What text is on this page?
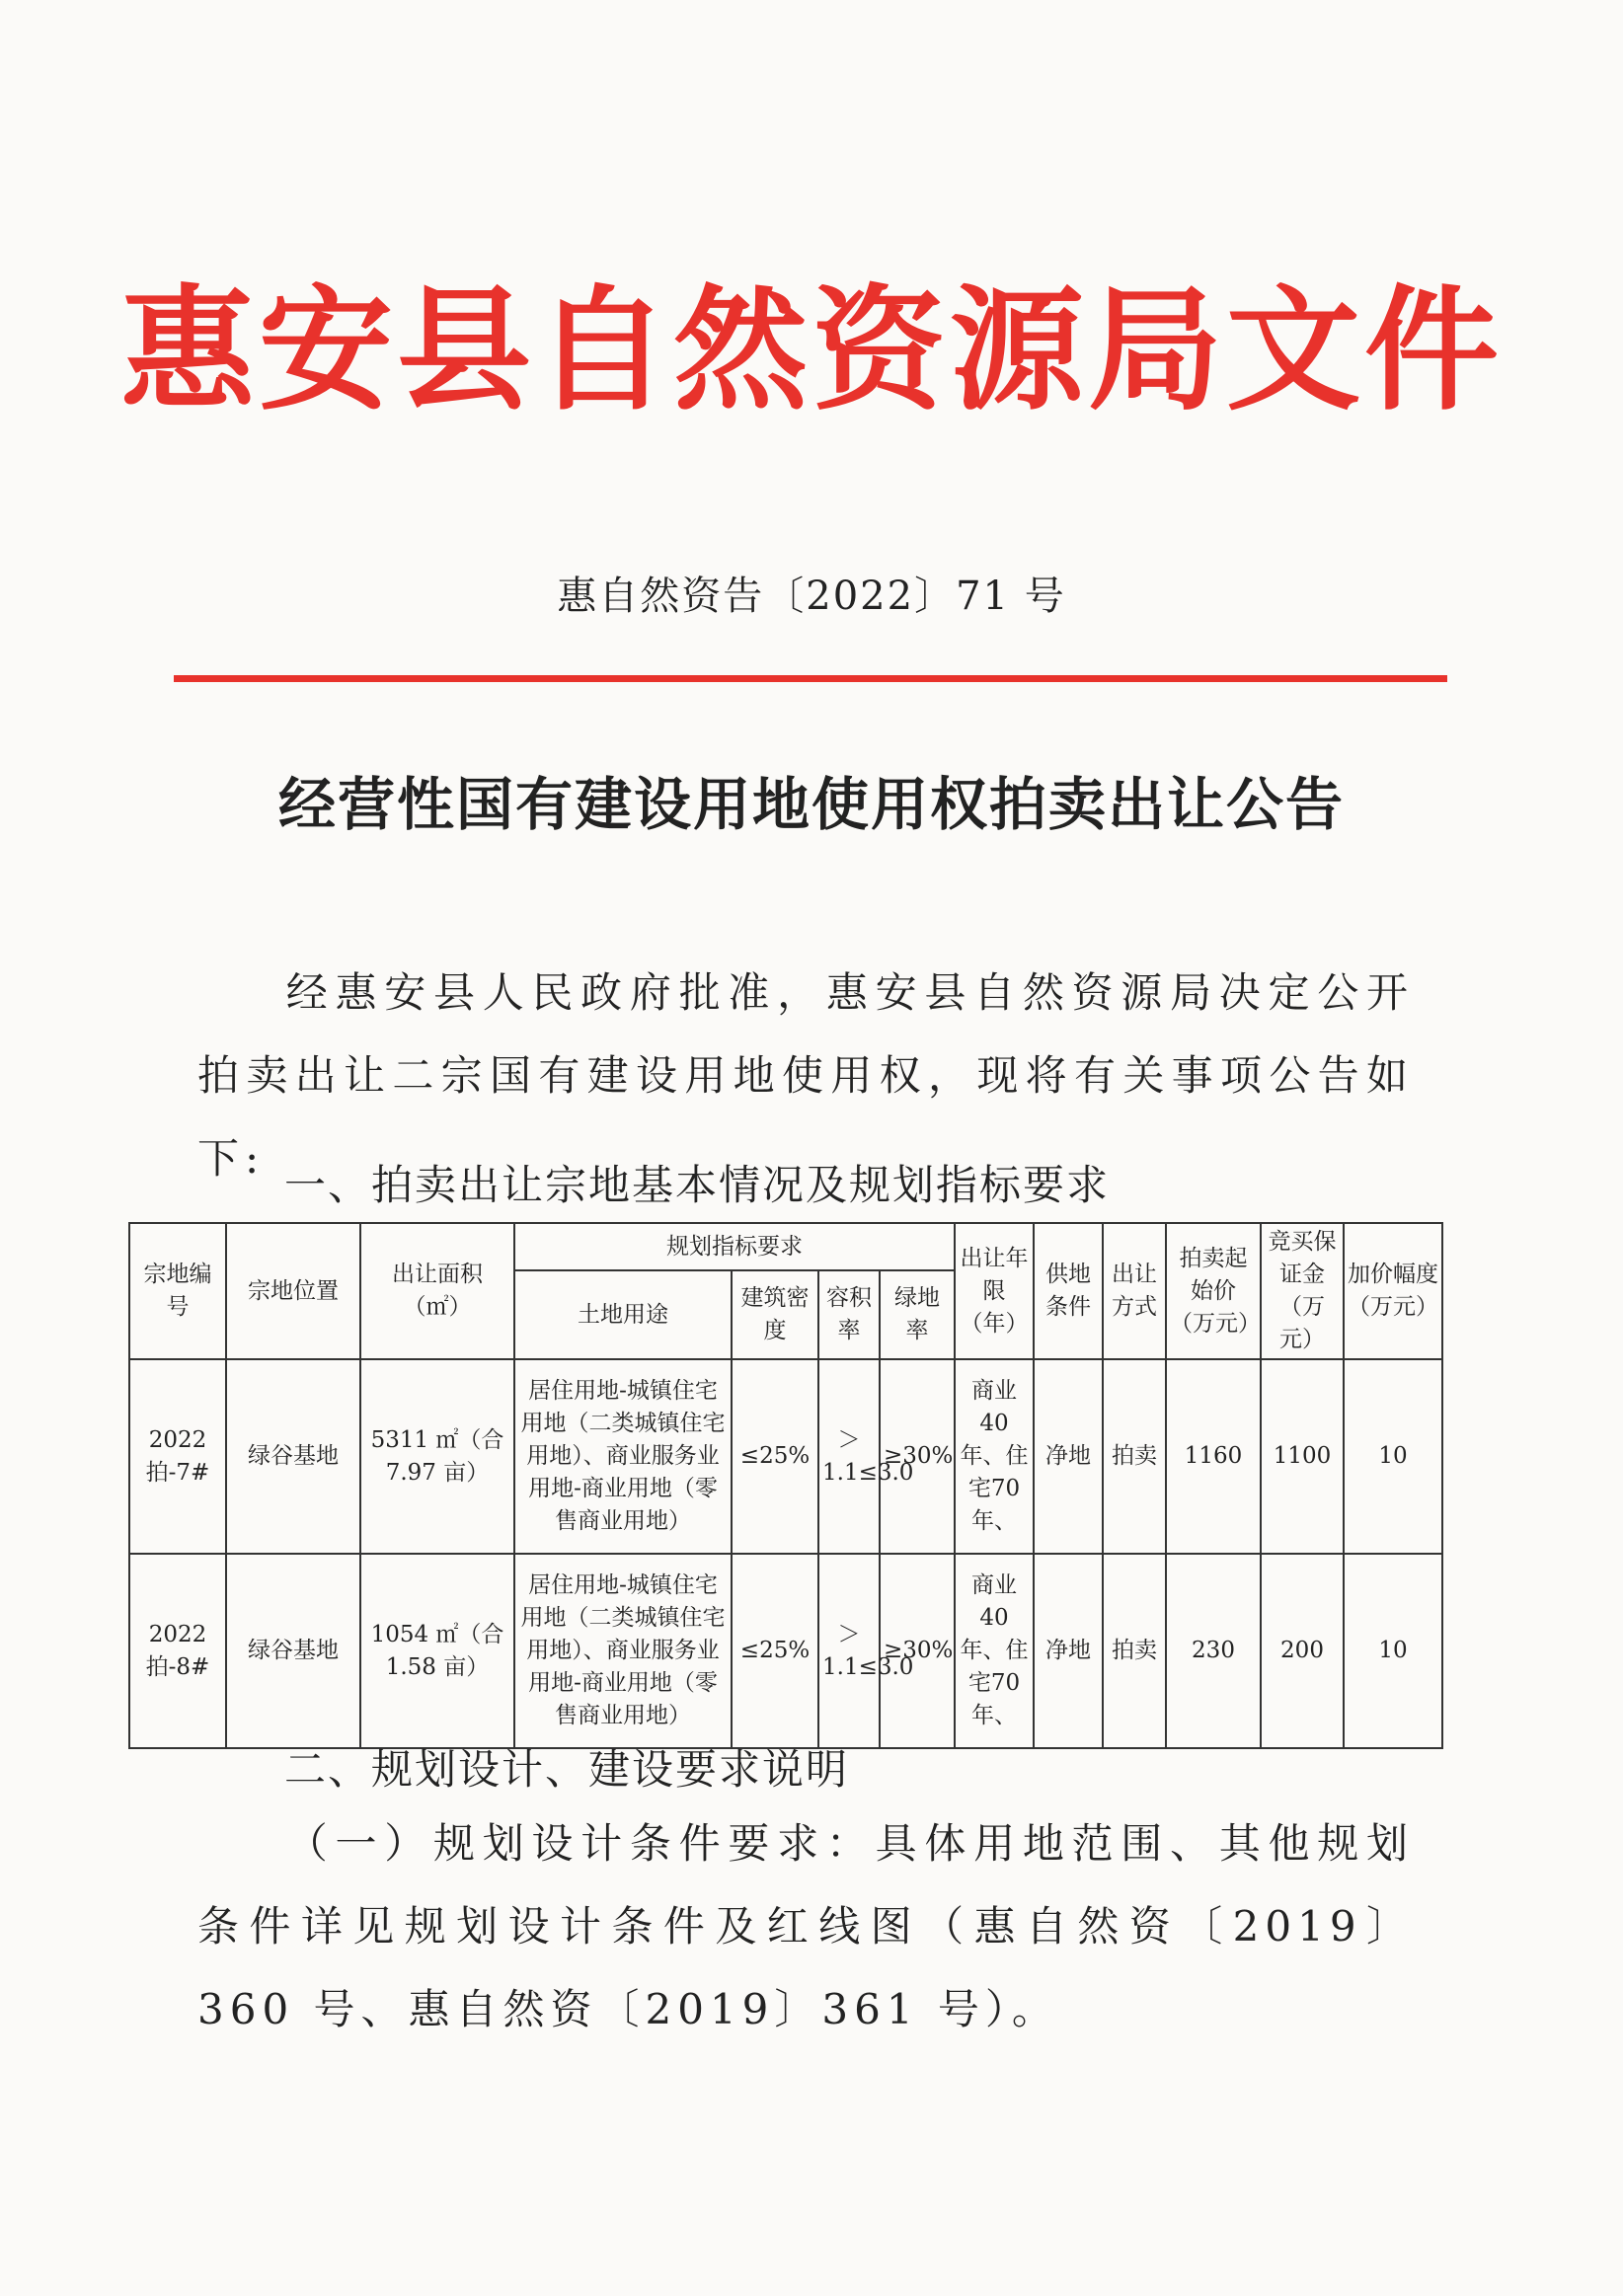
惠安县自然资源局文件
惠自然资告〔2022〕71 号
经营性国有建设用地使用权拍卖出让公告
经惠安县人民政府批准，惠安县自然资源局决定公开拍卖出让二宗国有建设用地使用权，现将有关事项公告如下:
一、拍卖出让宗地基本情况及规划指标要求
宗地编号	宗地位置	出让面积（㎡）	规划指标要求				出让年限（年）	供地条件	出让方式	拍卖起始价（万元）	竞买保证金（万元）	加价幅度（万元）
			土地用途	建筑密度	容积率	绿地率						
2022 拍-7#	绿谷基地	5311 ㎡（合7.97 亩）	居住用地-城镇住宅用地（二类城镇住宅用地）、商业服务业用地-商业用地（零售商业用地）	≤25%	＞1.1≤3.0	≥30%	商业40 年、住宅70 年、	净地	拍卖	1160	1100	10
2022 拍-8#	绿谷基地	1054 ㎡（合1.58 亩）	居住用地-城镇住宅用地（二类城镇住宅用地）、商业服务业用地-商业用地（零售商业用地）	≤25%	＞1.1≤3.0	≥30%	商业40 年、住宅70 年、	净地	拍卖	230	200	10
二、规划设计、建设要求说明
（一）规划设计条件要求：具体用地范围、其他规划条件详见规划设计条件及红线图（惠自然资〔2019〕360 号、惠自然资〔2019〕361 号）。
